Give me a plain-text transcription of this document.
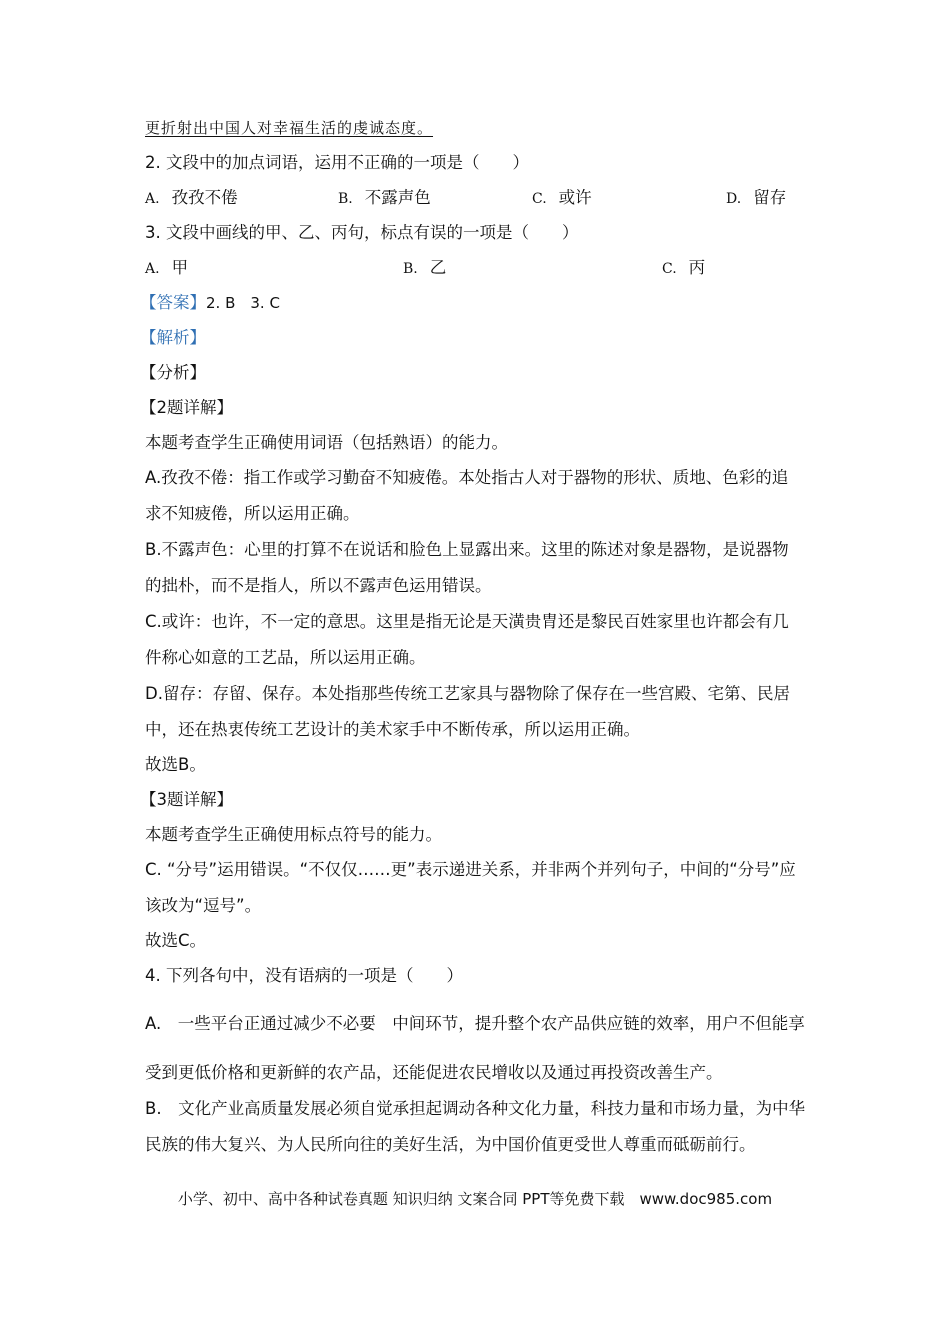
更折射出中国人对幸福生活的虔诚态度。
2. 文段中的加点词语，运用不正确的一项是（　　）
A. 孜孜不倦	B. 不露声色	C. 或许	D. 留存
3. 文段中画线的甲、乙、丙句，标点有误的一项是（　　）
A. 甲	B. 乙	C. 丙
【答案】2. B　3. C
【解析】
【分析】
【2题详解】
本题考查学生正确使用词语（包括熟语）的能力。
A.孜孜不倦：指工作或学习勤奋不知疲倦。本处指古人对于器物的形状、质地、色彩的追
求不知疲倦，所以运用正确。
B.不露声色：心里的打算不在说话和脸色上显露出来。这里的陈述对象是器物，是说器物
的拙朴，而不是指人，所以不露声色运用错误。
C.或许：也许，不一定的意思。这里是指无论是天潢贵胄还是黎民百姓家里也许都会有几
件称心如意的工艺品，所以运用正确。
D.留存：存留、保存。本处指那些传统工艺家具与器物除了保存在一些宫殿、宅第、民居
中，还在热衷传统工艺设计的美术家手中不断传承，所以运用正确。
故选B。
【3题详解】
本题考查学生正确使用标点符号的能力。
C. “分号”运用错误。“不仅仅……更”表示递进关系，并非两个并列句子，中间的“分号”应
该改为“逗号”。
故选C。
4. 下列各句中，没有语病的一项是（　　）
A.　一些平台正通过减少不必要　中间环节，提升整个农产品供应链的效率，用户不但能享
受到更低价格和更新鲜的农产品，还能促进农民增收以及通过再投资改善生产。
B.　文化产业高质量发展必须自觉承担起调动各种文化力量，科技力量和市场力量，为中华
民族的伟大复兴、为人民所向往的美好生活，为中国价值更受世人尊重而砥砺前行。
小学、初中、高中各种试卷真题 知识归纳 文案合同 PPT等免费下载　www.doc985.com
